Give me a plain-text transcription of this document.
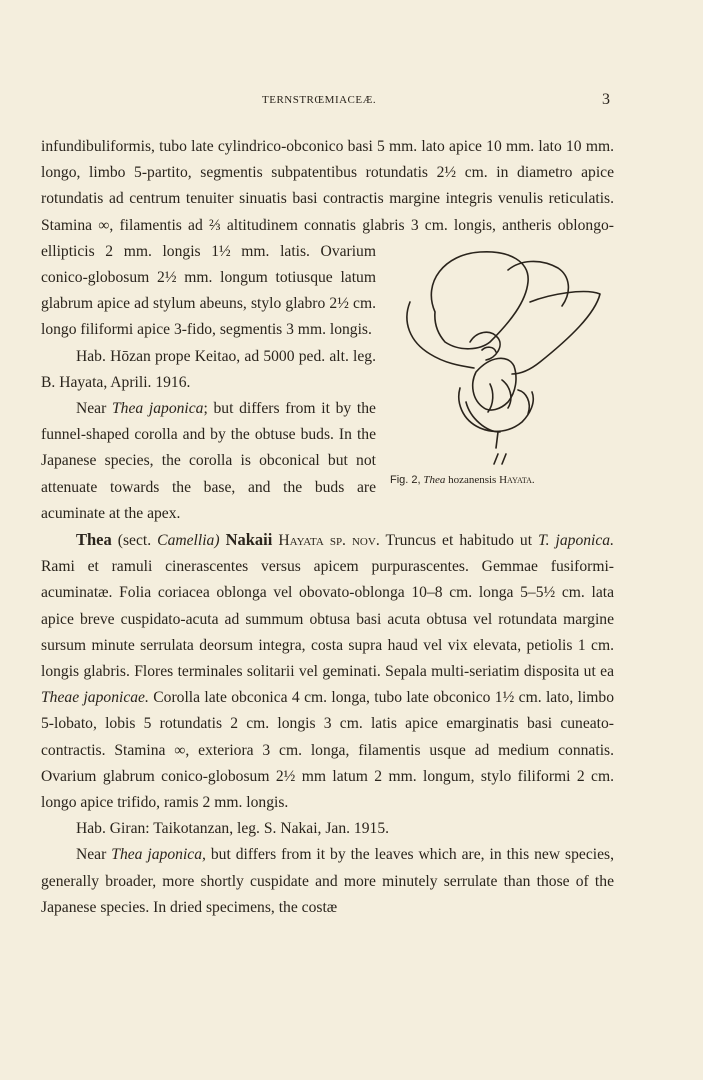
TERNSTRŒMIACEÆ.	3
Fig. 2, Thea hozanensis Hayata.

infundibuliformis, tubo late cylindrico-obconico basi 5 mm. lato apice 10 mm. lato 10 mm. longo, limbo 5-partito, segmentis subpatentibus rotundatis 2½ cm. in diametro apice rotundatis ad centrum tenuiter sinuatis basi contractis margine integris venulis reticulatis. Stamina ∞, filamentis ad ⅔ altitudinem connatis glabris 3 cm. longis, antheris oblongo-ellipticis 2 mm. longis 1½ mm. latis. Ovarium conico-globosum 2½ mm. longum totiusque latum glabrum apice ad stylum abeuns, stylo glabro 2½ cm. longo filiformi apice 3-fido, segmentis 3 mm. longis.

Hab. Hōzan prope Keitao, ad 5000 ped. alt. leg. B. Hayata, Aprili. 1916.

Near Thea japonica; but differs from it by the funnel-shaped corolla and by the obtuse buds. In the Japanese species, the corolla is obconical but not attenuate towards the base, and the buds are acuminate at the apex.

Thea (sect. Camellia) Nakaii Hayata sp. nov. Truncus et habitudo ut T. japonica. Rami et ramuli cinerascentes versus apicem purpurascentes. Gemmae fusiformi-acuminatæ. Folia coriacea oblonga vel obovato-oblonga 10–8 cm. longa 5–5½ cm. lata apice breve cuspidato-acuta ad summum obtusa basi acuta obtusa vel rotundata margine sursum minute serrulata deorsum integra, costa supra haud vel vix elevata, petiolis 1 cm. longis glabris. Flores terminales solitarii vel geminati. Sepala multi-seriatim disposita ut ea Theae japonicae. Corolla late obconica 4 cm. longa, tubo late obconico 1½ cm. lato, limbo 5-lobato, lobis 5 rotundatis 2 cm. longis 3 cm. latis apice emarginatis basi cuneato-contractis. Stamina ∞, exteriora 3 cm. longa, filamentis usque ad medium connatis. Ovarium glabrum conico-globosum 2½ mm latum 2 mm. longum, stylo filiformi 2 cm. longo apice trifido, ramis 2 mm. longis.

Hab. Giran: Taikotanzan, leg. S. Nakai, Jan. 1915.

Near Thea japonica, but differs from it by the leaves which are, in this new species, generally broader, more shortly cuspidate and more minutely serrulate than those of the Japanese species. In dried specimens, the costæ
